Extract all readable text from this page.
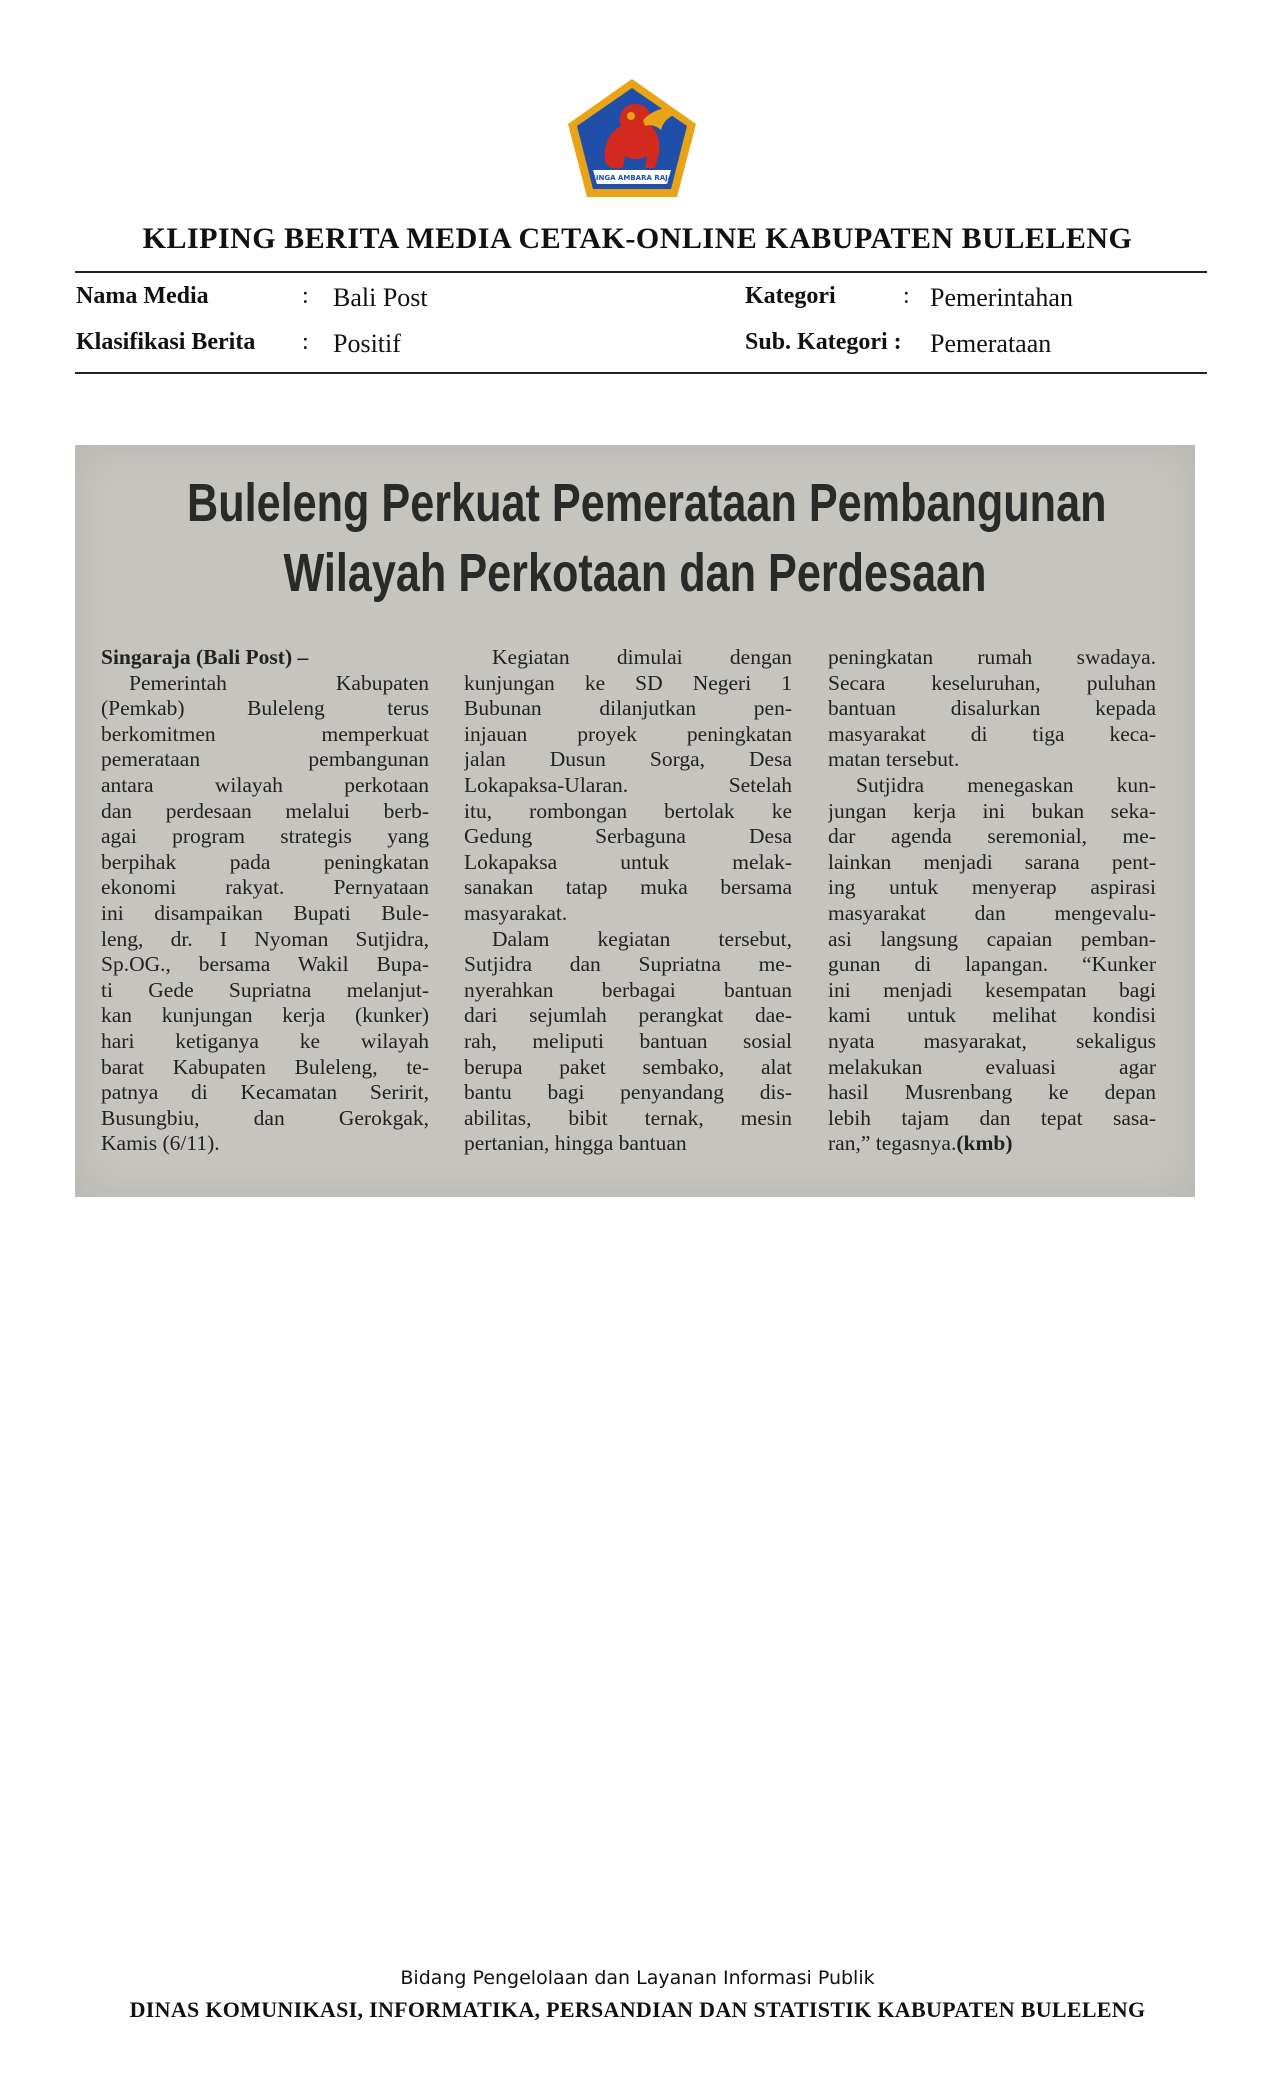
SINGA AMBARA RAJA
KLIPING BERITA MEDIA CETAK-ONLINE KABUPATEN BULELENG
Nama Media	: Bali Post
Klasifikasi Berita : Positif
Kategori	: Pemerintahan
Sub. Kategori : Pemerataan
Buleleng Perkuat Pemerataan Pembangunan
Wilayah Perkotaan dan Perdesaan
Singaraja (Bali Post) –
Pemerintah Kabupaten
(Pemkab) Buleleng terus
berkomitmen memperkuat
pemerataan pembangunan
antara wilayah perkotaan
dan perdesaan melalui berb-
agai program strategis yang
berpihak pada peningkatan
ekonomi rakyat. Pernyataan
ini disampaikan Bupati Bule-
leng, dr. I Nyoman Sutjidra,
Sp.OG., bersama Wakil Bupa-
ti Gede Supriatna melanjut-
kan kunjungan kerja (kunker)
hari ketiganya ke wilayah
barat Kabupaten Buleleng, te-
patnya di Kecamatan Seririt,
Busungbiu, dan Gerokgak,
Kamis (6/11).
Kegiatan dimulai dengan
kunjungan ke SD Negeri 1
Bubunan dilanjutkan pen-
injauan proyek peningkatan
jalan Dusun Sorga, Desa
Lokapaksa-Ularan. Setelah
itu, rombongan bertolak ke
Gedung Serbaguna Desa
Lokapaksa untuk melak-
sanakan tatap muka bersama
masyarakat.
Dalam kegiatan tersebut,
Sutjidra dan Supriatna me-
nyerahkan berbagai bantuan
dari sejumlah perangkat dae-
rah, meliputi bantuan sosial
berupa paket sembako, alat
bantu bagi penyandang dis-
abilitas, bibit ternak, mesin
pertanian, hingga bantuan
peningkatan rumah swadaya.
Secara keseluruhan, puluhan
bantuan disalurkan kepada
masyarakat di tiga keca-
matan tersebut.
Sutjidra menegaskan kun-
jungan kerja ini bukan seka-
dar agenda seremonial, me-
lainkan menjadi sarana pent-
ing untuk menyerap aspirasi
masyarakat dan mengevalu-
asi langsung capaian pemban-
gunan di lapangan. “Kunker
ini menjadi kesempatan bagi
kami untuk melihat kondisi
nyata masyarakat, sekaligus
melakukan evaluasi agar
hasil Musrenbang ke depan
lebih tajam dan tepat sasa-
ran,” tegasnya.(kmb)
Bidang Pengelolaan dan Layanan Informasi Publik
DINAS KOMUNIKASI, INFORMATIKA, PERSANDIAN DAN STATISTIK KABUPATEN BULELENG
